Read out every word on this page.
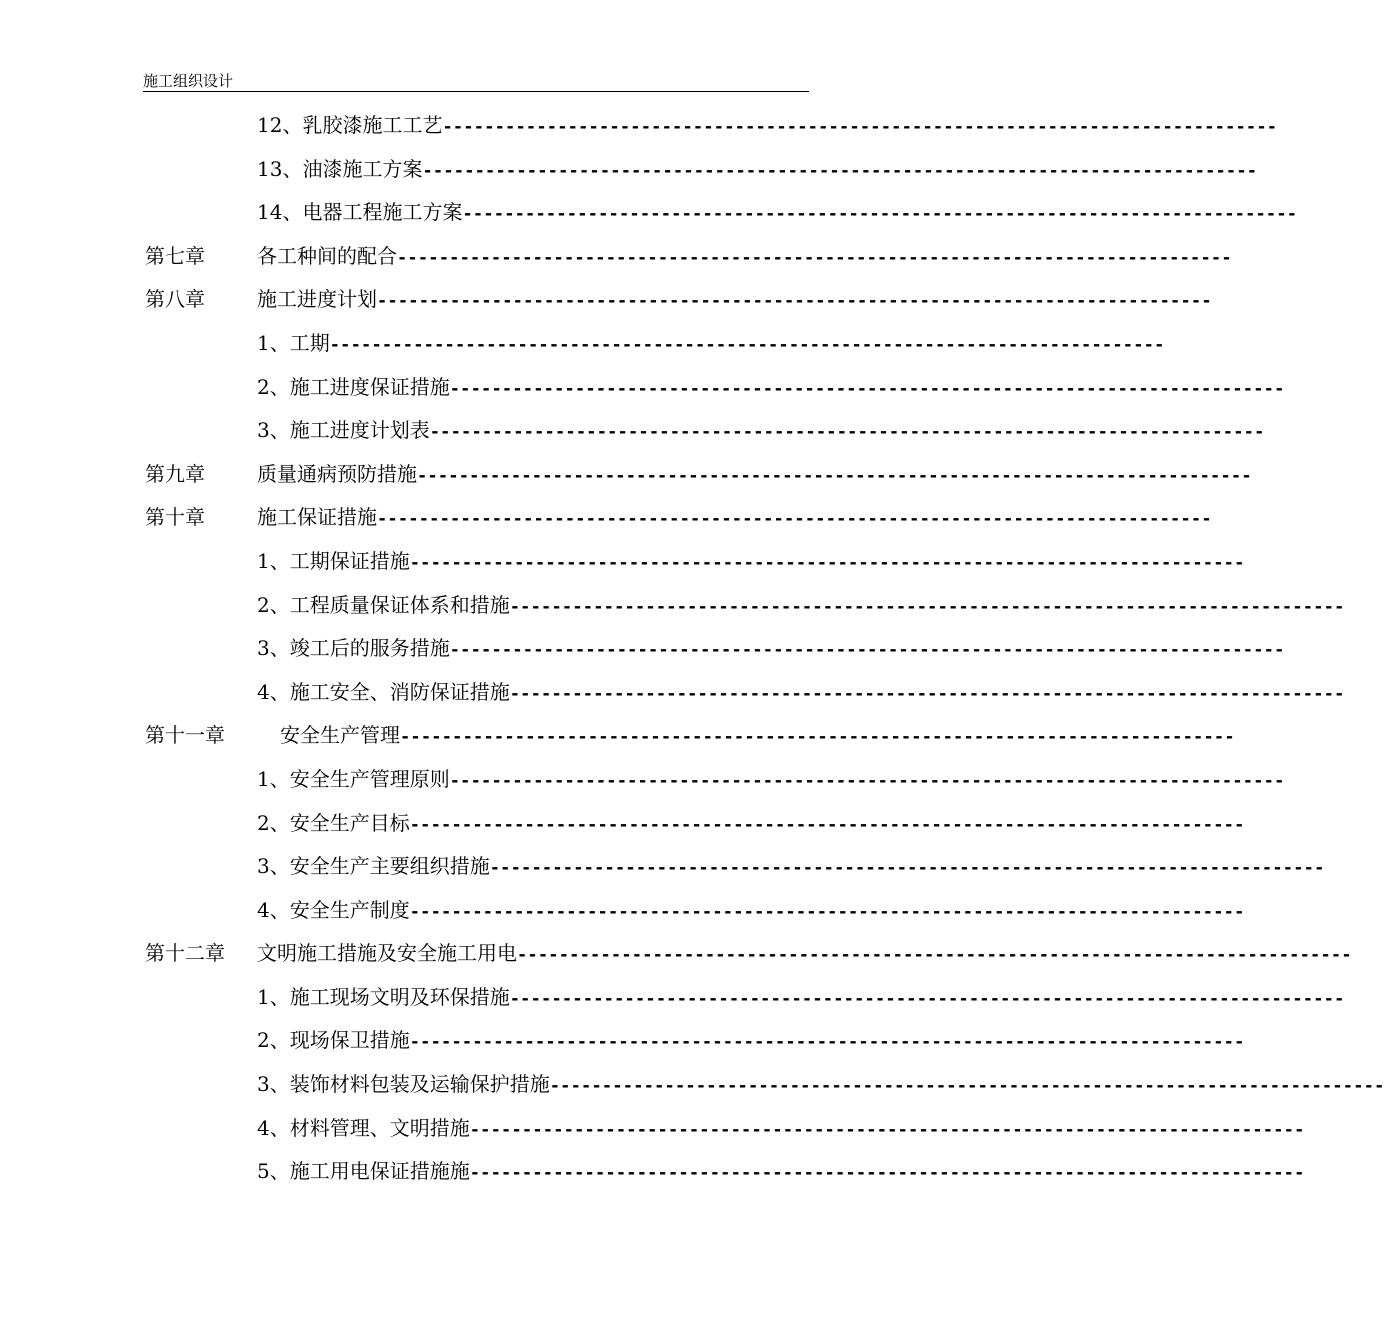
施工组织设计
12、乳胶漆施工工艺--------------------------------------------------------------------------------
13、油漆施工方案--------------------------------------------------------------------------------
14、电器工程施工方案--------------------------------------------------------------------------------
第七章	各工种间的配合--------------------------------------------------------------------------------
第八章	施工进度计划--------------------------------------------------------------------------------
1、工期--------------------------------------------------------------------------------
2、施工进度保证措施--------------------------------------------------------------------------------
3、施工进度计划表--------------------------------------------------------------------------------
第九章	质量通病预防措施--------------------------------------------------------------------------------
第十章	施工保证措施--------------------------------------------------------------------------------
1、工期保证措施--------------------------------------------------------------------------------
2、工程质量保证体系和措施--------------------------------------------------------------------------------
3、竣工后的服务措施--------------------------------------------------------------------------------
4、施工安全、消防保证措施--------------------------------------------------------------------------------
第十一章	安全生产管理--------------------------------------------------------------------------------
1、安全生产管理原则--------------------------------------------------------------------------------
2、安全生产目标--------------------------------------------------------------------------------
3、安全生产主要组织措施--------------------------------------------------------------------------------
4、安全生产制度--------------------------------------------------------------------------------
第十二章 文明施工措施及安全施工用电--------------------------------------------------------------------------------
1、施工现场文明及环保措施--------------------------------------------------------------------------------
2、现场保卫措施--------------------------------------------------------------------------------
3、装饰材料包装及运输保护措施--------------------------------------------------------------------------------
4、材料管理、文明措施--------------------------------------------------------------------------------
5、施工用电保证措施施--------------------------------------------------------------------------------
